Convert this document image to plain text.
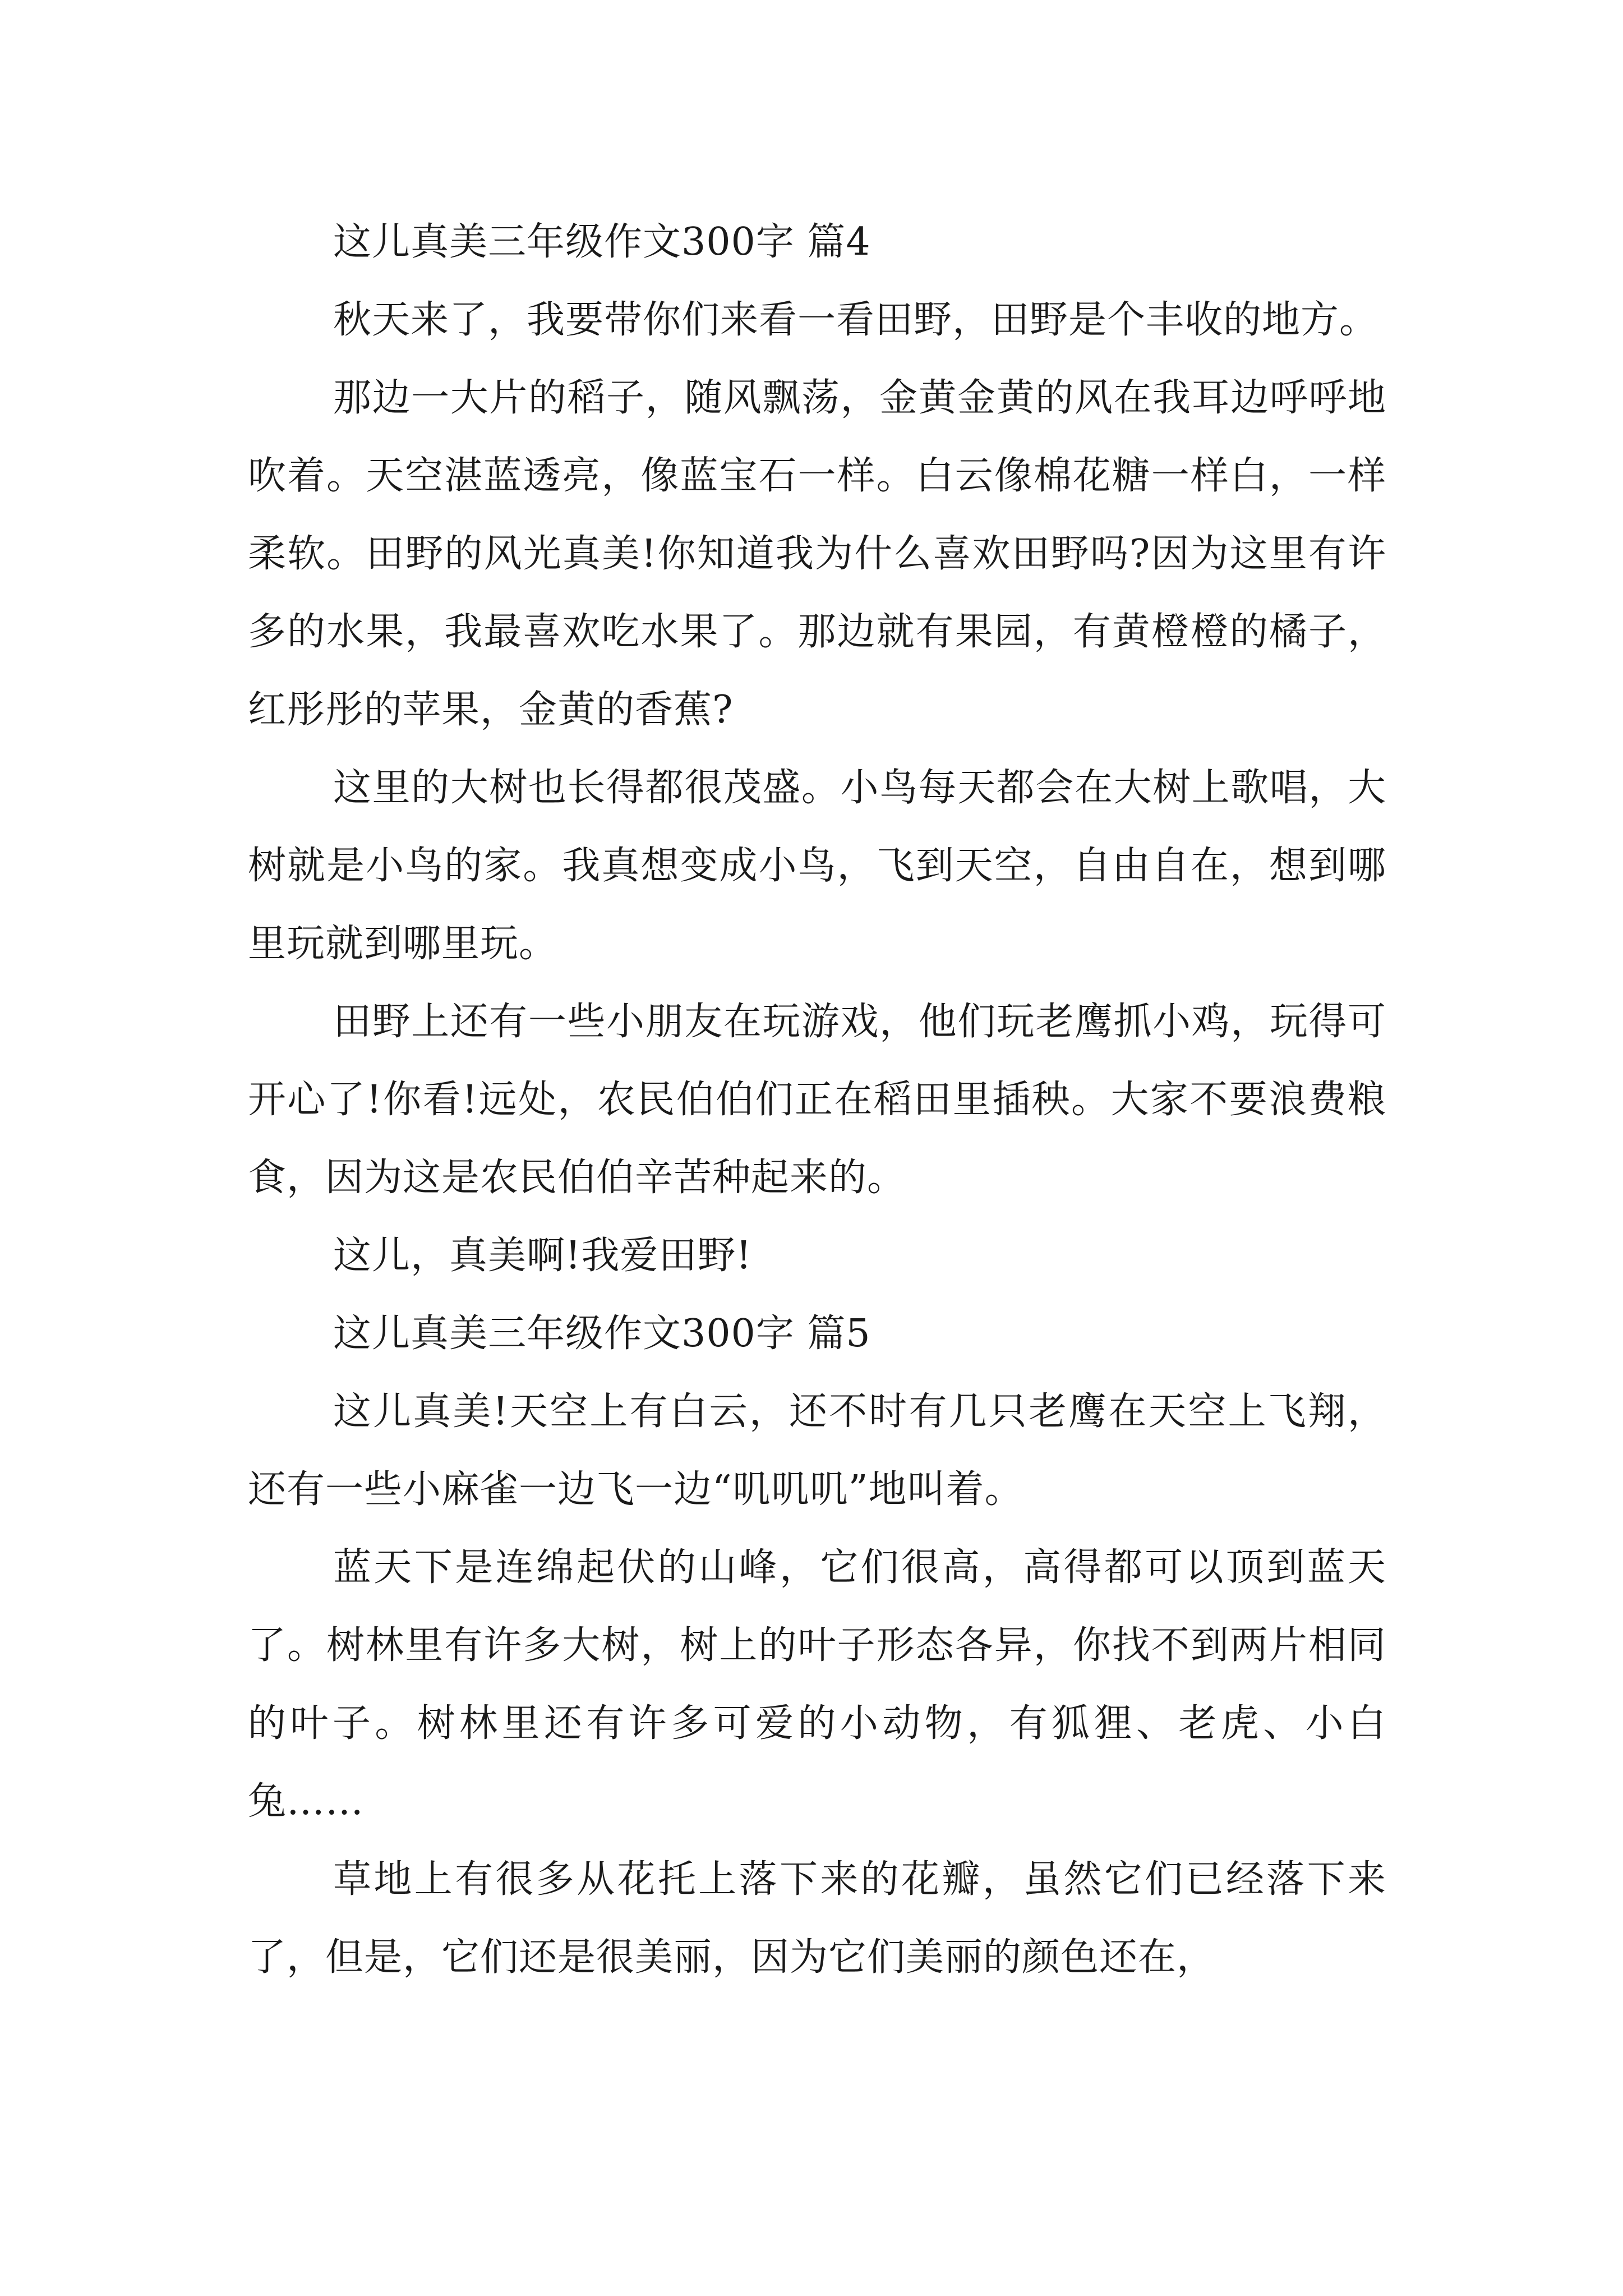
这儿真美三年级作文300字 篇4

秋天来了，我要带你们来看一看田野，田野是个丰收的地方。

那边一大片的稻子，随风飘荡，金黄金黄的风在我耳边呼呼地吹着。天空湛蓝透亮，像蓝宝石一样。白云像棉花糖一样白，一样柔软。田野的风光真美!你知道我为什么喜欢田野吗?因为这里有许多的水果，我最喜欢吃水果了。那边就有果园，有黄橙橙的橘子，红彤彤的苹果，金黄的香蕉?

这里的大树也长得都很茂盛。小鸟每天都会在大树上歌唱，大树就是小鸟的家。我真想变成小鸟，飞到天空，自由自在，想到哪里玩就到哪里玩。

田野上还有一些小朋友在玩游戏，他们玩老鹰抓小鸡，玩得可开心了!你看!远处，农民伯伯们正在稻田里插秧。大家不要浪费粮食，因为这是农民伯伯辛苦种起来的。

这儿，真美啊!我爱田野!

这儿真美三年级作文300字 篇5

这儿真美!天空上有白云，还不时有几只老鹰在天空上飞翔，还有一些小麻雀一边飞一边“叽叽叽”地叫着。

蓝天下是连绵起伏的山峰，它们很高，高得都可以顶到蓝天了。树林里有许多大树，树上的叶子形态各异，你找不到两片相同的叶子。树林里还有许多可爱的小动物，有狐狸、老虎、小白兔……

草地上有很多从花托上落下来的花瓣，虽然它们已经落下来了，但是，它们还是很美丽，因为它们美丽的颜色还在，
